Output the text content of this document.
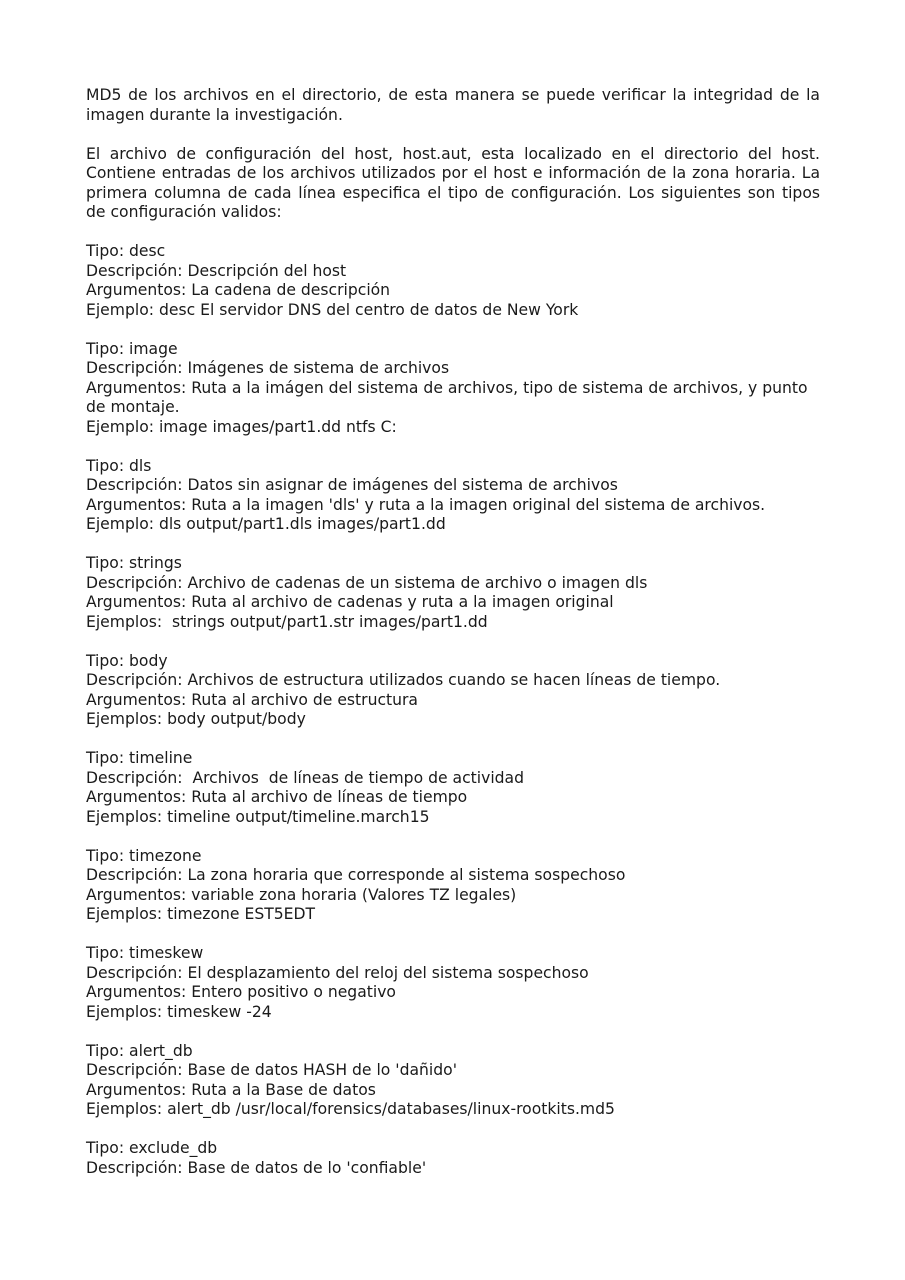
MD5 de los archivos en el directorio, de esta manera se puede verificar la integridad de la imagen durante la investigación.

El archivo de configuración del host, host.aut, esta localizado en el directorio del host. Contiene entradas de los archivos utilizados por el host e información de la zona horaria. La primera columna de cada línea especifica el tipo de configuración. Los siguientes son tipos de configuración validos:

Tipo: desc
Descripción: Descripción del host
Argumentos: La cadena de descripción
Ejemplo: desc El servidor DNS del centro de datos de New York
Tipo: image
Descripción: Imágenes de sistema de archivos
Argumentos: Ruta a la imágen del sistema de archivos, tipo de sistema de archivos, y punto de montaje.
Ejemplo: image images/part1.dd ntfs C:
Tipo: dls
Descripción: Datos sin asignar de imágenes del sistema de archivos
Argumentos: Ruta a la imagen 'dls' y ruta a la imagen original del sistema de archivos.
Ejemplo: dls output/part1.dls images/part1.dd
Tipo: strings
Descripción: Archivo de cadenas de un sistema de archivo o imagen dls
Argumentos: Ruta al archivo de cadenas y ruta a la imagen original
Ejemplos:  strings output/part1.str images/part1.dd
Tipo: body
Descripción: Archivos de estructura utilizados cuando se hacen líneas de tiempo.
Argumentos: Ruta al archivo de estructura
Ejemplos: body output/body
Tipo: timeline
Descripción:  Archivos  de líneas de tiempo de actividad
Argumentos: Ruta al archivo de líneas de tiempo
Ejemplos: timeline output/timeline.march15
Tipo: timezone
Descripción: La zona horaria que corresponde al sistema sospechoso
Argumentos: variable zona horaria (Valores TZ legales)
Ejemplos: timezone EST5EDT
Tipo: timeskew
Descripción: El desplazamiento del reloj del sistema sospechoso
Argumentos: Entero positivo o negativo
Ejemplos: timeskew -24
Tipo: alert_db
Descripción: Base de datos HASH de lo 'dañido'
Argumentos: Ruta a la Base de datos
Ejemplos: alert_db /usr/local/forensics/databases/linux-rootkits.md5
Tipo: exclude_db
Descripción: Base de datos de lo 'confiable'
